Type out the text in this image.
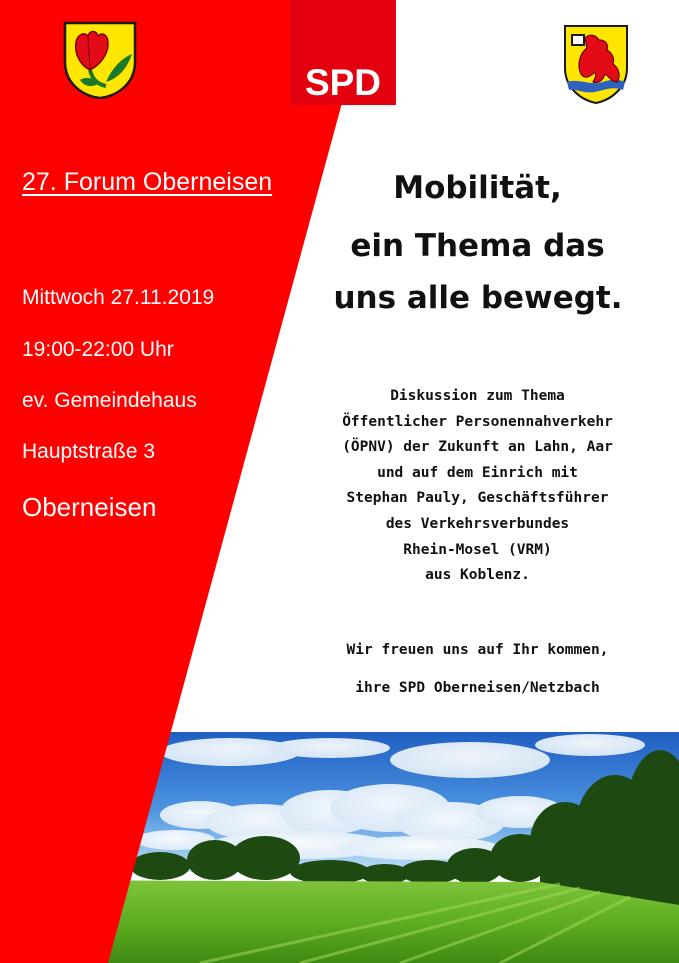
SPD

27. Forum Oberneisen

Mittwoch 27.11.2019

19:00-22:00 Uhr

ev. Gemeindehaus

Hauptstraße 3

Oberneisen

Mobilität,

ein Thema das

uns alle bewegt.

Diskussion zum Thema

Öffentlicher Personennahverkehr

(ÖPNV) der Zukunft an Lahn, Aar

und auf dem Einrich mit

Stephan Pauly, Geschäftsführer

des Verkehrsverbundes

Rhein-Mosel (VRM)

aus Koblenz.

Wir freuen uns auf Ihr kommen,

ihre SPD Oberneisen/Netzbach
